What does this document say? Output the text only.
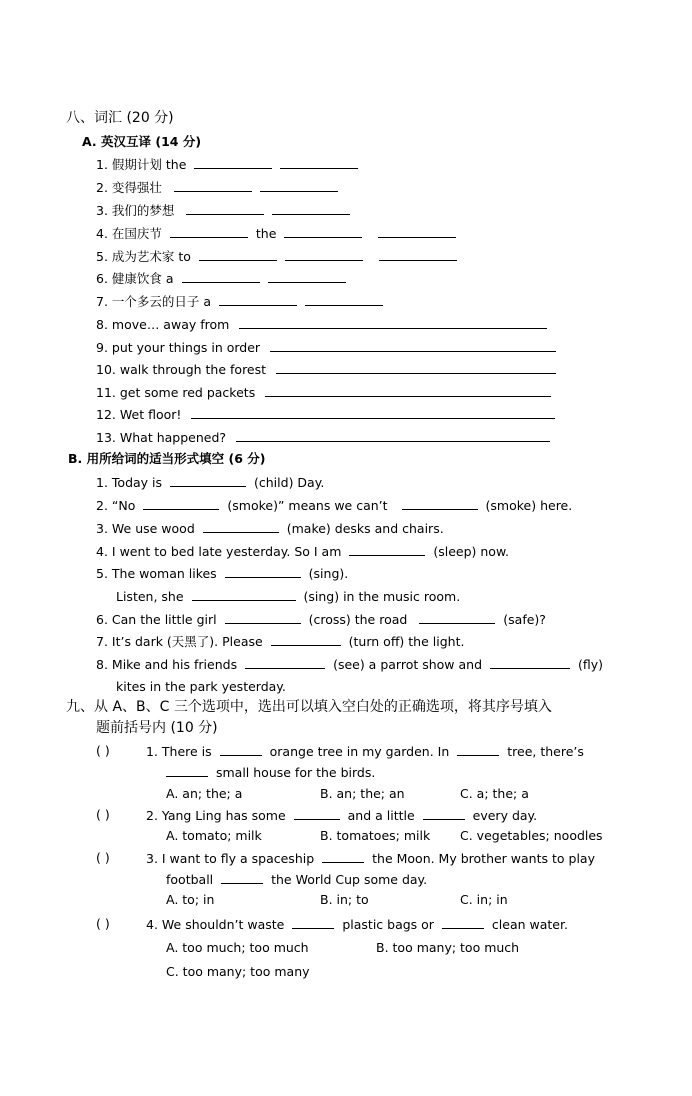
八、词汇 (20 分)
A. 英汉互译 (14 分)
1. 假期计划 the
2. 变得强壮
3. 我们的梦想
4. 在国庆节	the
5. 成为艺术家 to
6. 健康饮食 a
7. 一个多云的日子 a
8. move… away from
9. put your things in order
10. walk through the forest
11. get some red packets
12. Wet floor!
13. What happened?
B. 用所给词的适当形式填空 (6 分)
1. Today is	(child) Day.
2. “No	(smoke)” means we can’t	(smoke) here.
3. We use wood	(make) desks and chairs.
4. I went to bed late yesterday. So I am	(sleep) now.
5. The woman likes	(sing).
Listen, she	(sing) in the music room.
6. Can the little girl	(cross) the road	(safe)?
7. It’s dark (天黑了). Please	(turn off) the light.
8. Mike and his friends	(see) a parrot show and	(fly)
kites in the park yesterday.
九、从 A、B、C 三个选项中，选出可以填入空白处的正确选项，将其序号填入
题前括号内 (10 分)
( )	1. There is	orange tree in my garden. In	tree, there’s
small house for the birds.
A. an; the; a	B. an; the; an	C. a; the; a
( )	2. Yang Ling has some	and a little	every day.
A. tomato; milk	B. tomatoes; milk C. vegetables; noodles
( )	3. I want to fly a spaceship	the Moon. My brother wants to play
football	the World Cup some day.
A. to; in	B. in; to	C. in; in
( )	4. We shouldn’t waste	plastic bags or	clean water.
A. too much; too much	B. too many; too much
C. too many; too many
